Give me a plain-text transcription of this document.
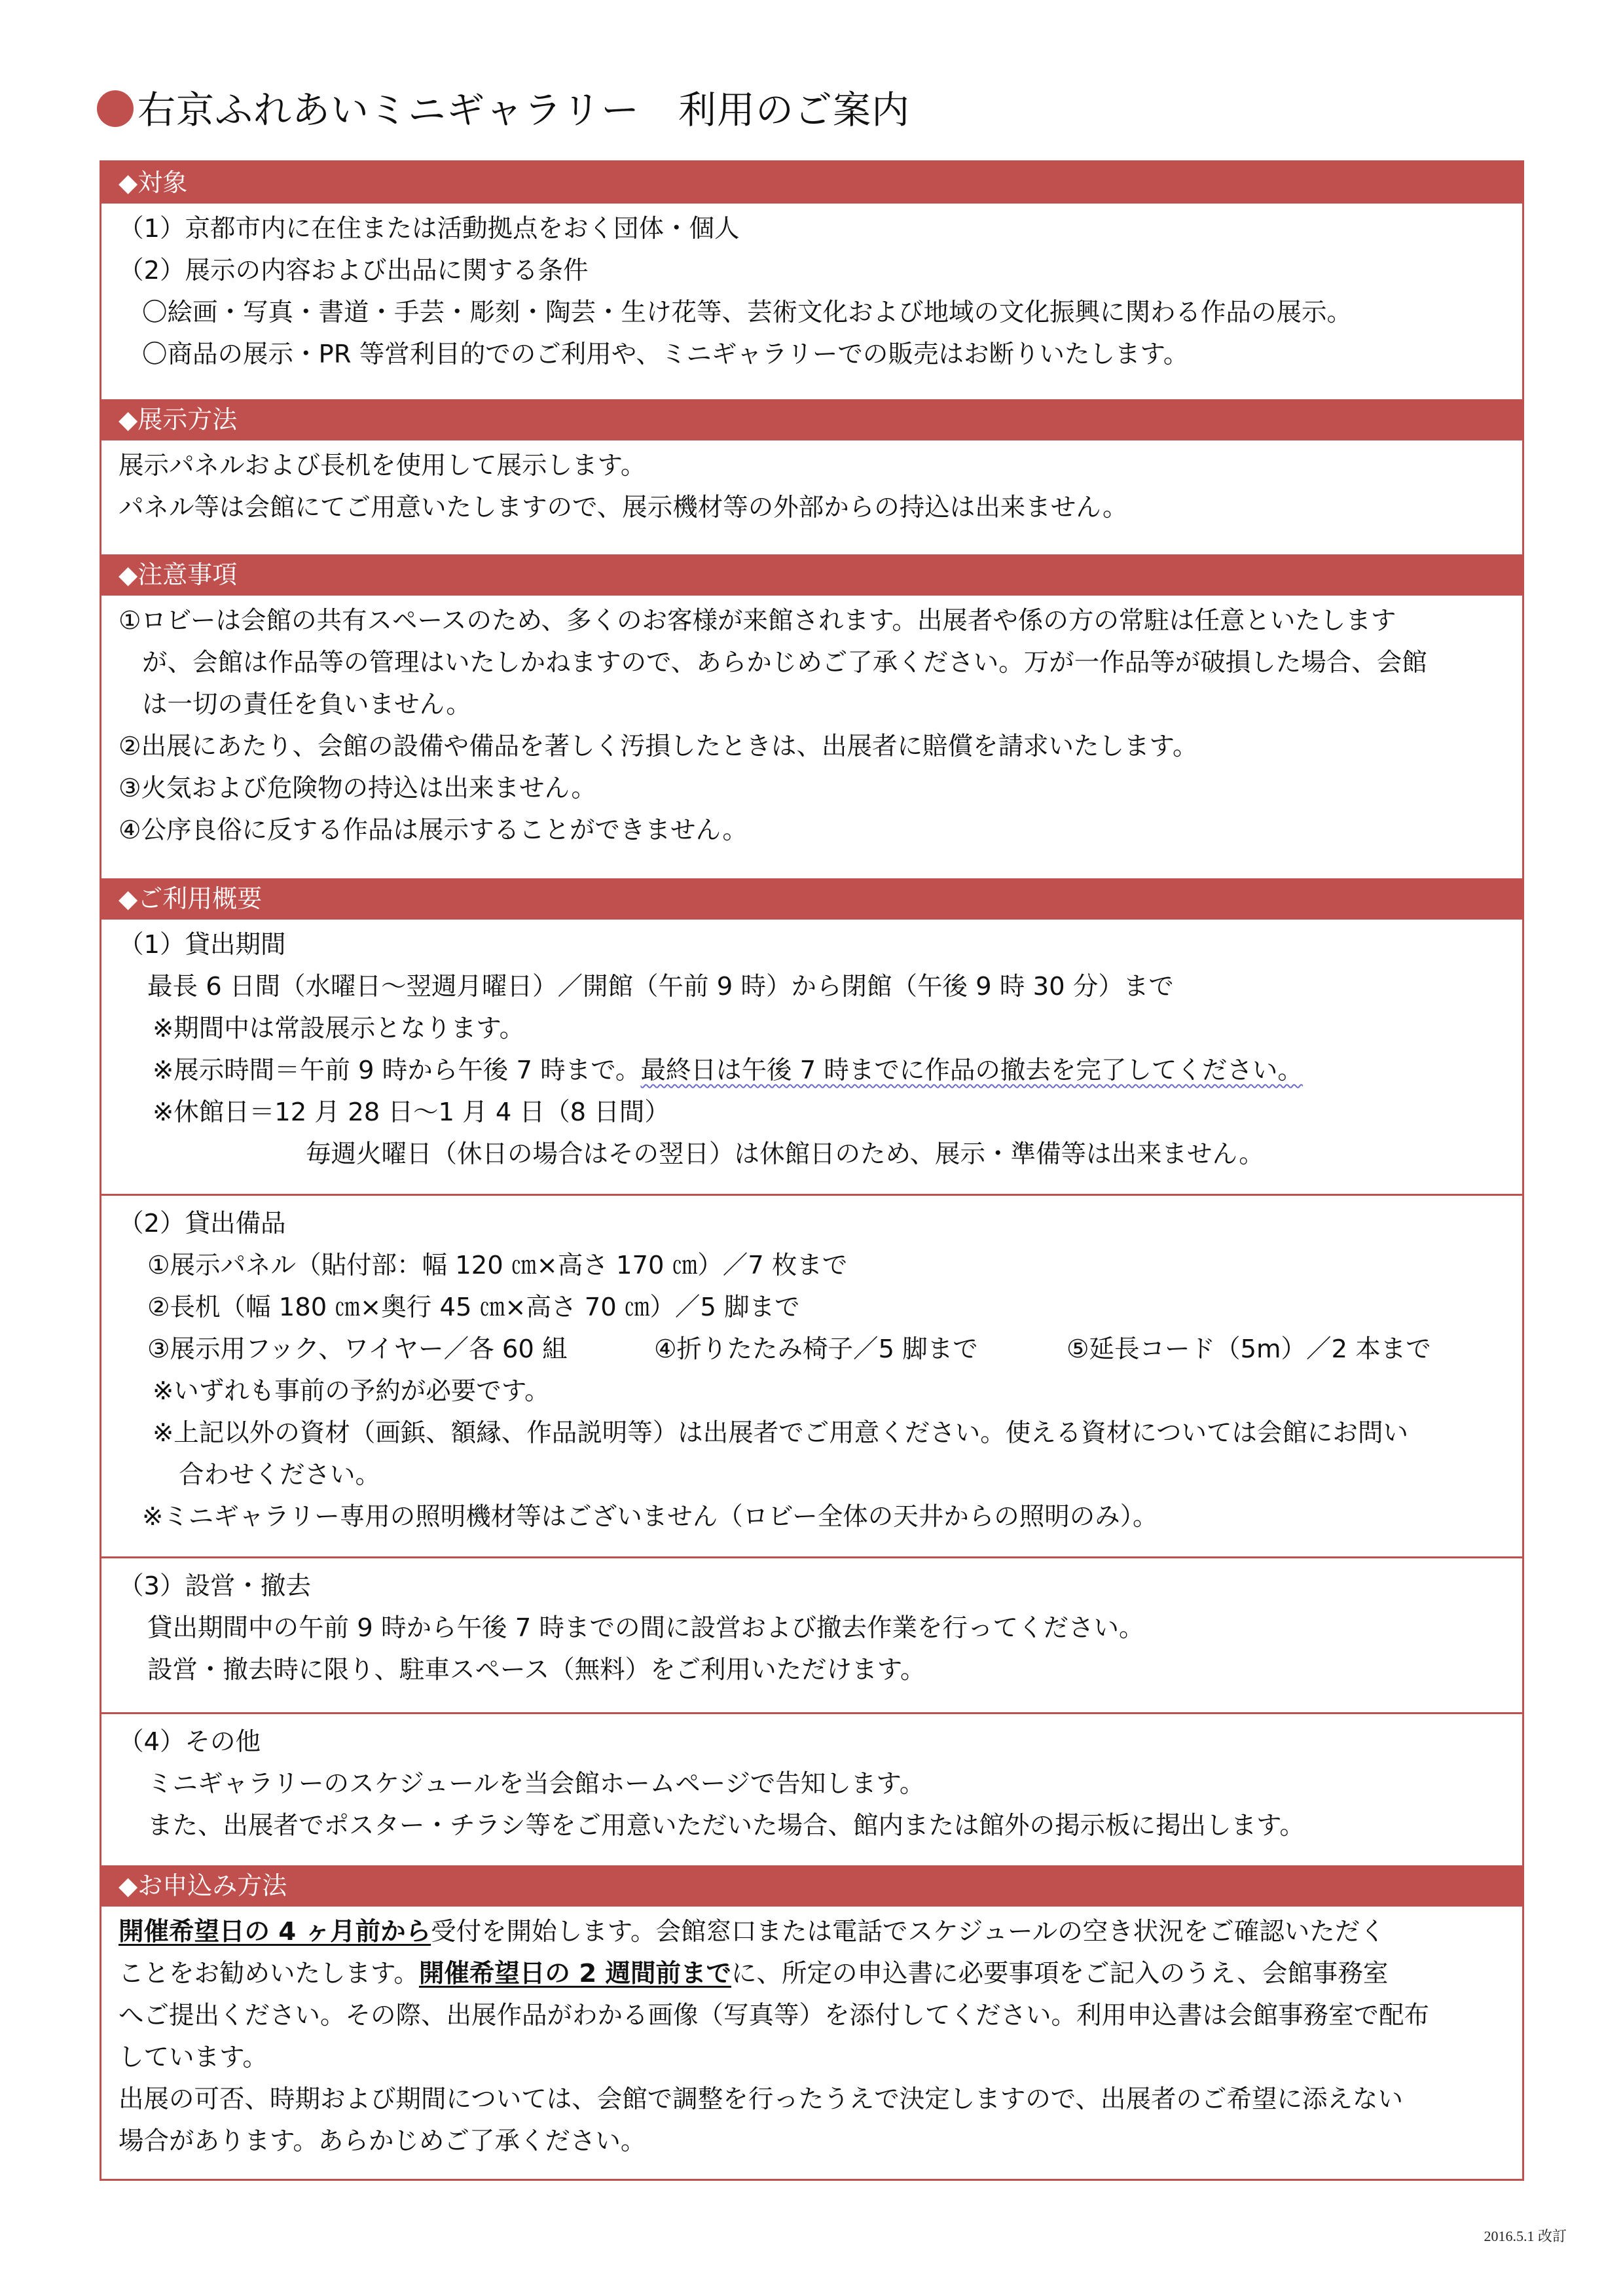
右京ふれあいミニギャラリー　利用のご案内
◆対象
（1）京都市内に在住または活動拠点をおく団体・個人
（2）展示の内容および出品に関する条件
〇絵画・写真・書道・手芸・彫刻・陶芸・生け花等、芸術文化および地域の文化振興に関わる作品の展示。
〇商品の展示・PR 等営利目的でのご利用や、ミニギャラリーでの販売はお断りいたします。
◆展示方法
展示パネルおよび長机を使用して展示します。
パネル等は会館にてご用意いたしますので、展示機材等の外部からの持込は出来ません。
◆注意事項
①ロビーは会館の共有スペースのため、多くのお客様が来館されます。出展者や係の方の常駐は任意といたします
が、会館は作品等の管理はいたしかねますので、あらかじめご了承ください。万が一作品等が破損した場合、会館
は一切の責任を負いません。
②出展にあたり、会館の設備や備品を著しく汚損したときは、出展者に賠償を請求いたします。
③火気および危険物の持込は出来ません。
④公序良俗に反する作品は展示することができません。
◆ご利用概要
（1）貸出期間
最長 6 日間（水曜日～翌週月曜日）／開館（午前 9 時）から閉館（午後 9 時 30 分）まで
※期間中は常設展示となります。
※展示時間＝午前 9 時から午後 7 時まで。最終日は午後 7 時までに作品の撤去を完了してください。
※休館日＝12 月 28 日～1 月 4 日（8 日間）
毎週火曜日（休日の場合はその翌日）は休館日のため、展示・準備等は出来ません。
（2）貸出備品
①展示パネル（貼付部：幅 120 ㎝×高さ 170 ㎝）／7 枚まで
②長机（幅 180 ㎝×奥行 45 ㎝×高さ 70 ㎝）／5 脚まで
③展示用フック、ワイヤー／各 60 組	④折りたたみ椅子／5 脚まで	⑤延長コード（5m）／2 本まで
※いずれも事前の予約が必要です。
※上記以外の資材（画鋲、額縁、作品説明等）は出展者でご用意ください。使える資材については会館にお問い
合わせください。
※ミニギャラリー専用の照明機材等はございません（ロビー全体の天井からの照明のみ）。
（3）設営・撤去
貸出期間中の午前 9 時から午後 7 時までの間に設営および撤去作業を行ってください。
設営・撤去時に限り、駐車スペース（無料）をご利用いただけます。
（4）その他
ミニギャラリーのスケジュールを当会館ホームページで告知します。
また、出展者でポスター・チラシ等をご用意いただいた場合、館内または館外の掲示板に掲出します。
◆お申込み方法
開催希望日の 4 ヶ月前から受付を開始します。会館窓口または電話でスケジュールの空き状況をご確認いただく
ことをお勧めいたします。開催希望日の 2 週間前までに、所定の申込書に必要事項をご記入のうえ、会館事務室
へご提出ください。その際、出展作品がわかる画像（写真等）を添付してください。利用申込書は会館事務室で配布
しています。
出展の可否、時期および期間については、会館で調整を行ったうえで決定しますので、出展者のご希望に添えない
場合があります。あらかじめご了承ください。
2016.5.1 改訂
